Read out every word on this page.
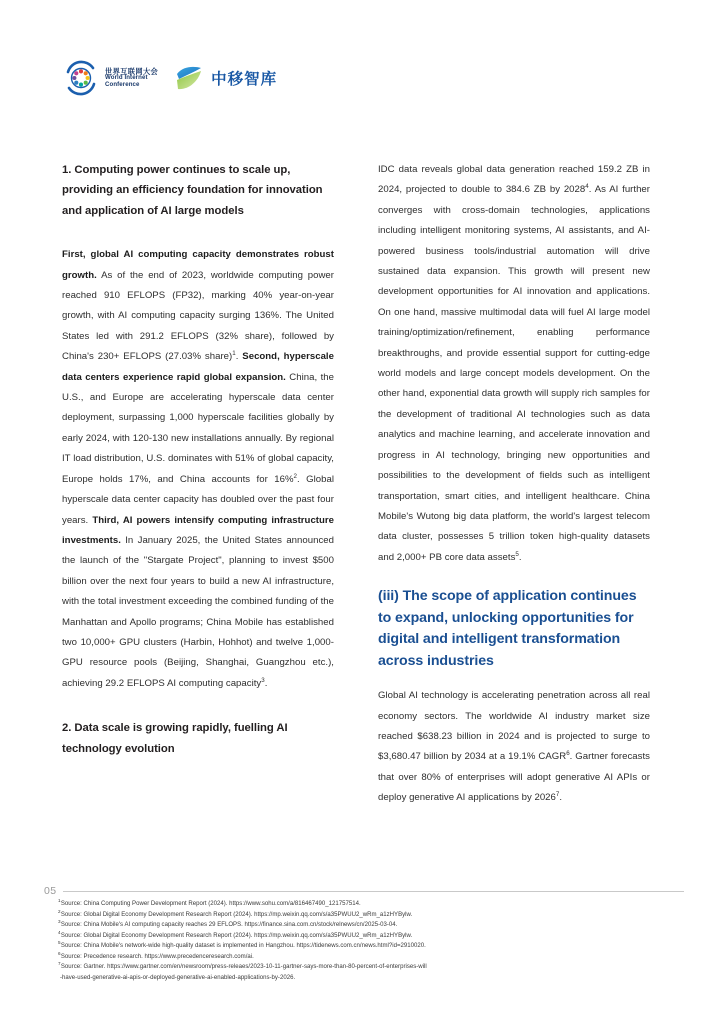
世界互联网大会
World Internet
Conference	中移智库
1. Computing power continues to scale up, providing an efficiency foundation for innovation and application of AI large models

First, global AI computing capacity demonstrates robust growth. As of the end of 2023, worldwide computing power reached 910 EFLOPS (FP32), marking 40% year-on-year growth, with AI computing capacity surging 136%. The United States led with 291.2 EFLOPS (32% share), followed by China's 230+ EFLOPS (27.03% share)$^1$. Second, hyperscale data centers experience rapid global expansion. China, the U.S., and Europe are accelerating hyperscale data center deployment, surpassing 1,000 hyperscale facilities globally by early 2024, with 120-130 new installations annually. By regional IT load distribution, U.S. dominates with 51% of global capacity, Europe holds 17%, and China accounts for 16%$^2$. Global hyperscale data center capacity has doubled over the past four years. Third, AI powers intensify computing infrastructure investments. In January 2025, the United States announced the launch of the "Stargate Project", planning to invest $500 billion over the next four years to build a new AI infrastructure, with the total investment exceeding the combined funding of the Manhattan and Apollo programs; China Mobile has established two 10,000+ GPU clusters (Harbin, Hohhot) and twelve 1,000-GPU resource pools (Beijing, Shanghai, Guangzhou etc.), achieving 29.2 EFLOPS AI computing capacity$^3$.

2. Data scale is growing rapidly, fuelling AI technology evolution

IDC data reveals global data generation reached 159.2 ZB in 2024, projected to double to 384.6 ZB by 2028$^4$. As AI further converges with cross-domain technologies, applications including intelligent monitoring systems, AI assistants, and AI-powered business tools/industrial automation will drive sustained data expansion. This growth will present new development opportunities for AI innovation and applications. On one hand, massive multimodal data will fuel AI large model training/optimization/refinement, enabling performance breakthroughs, and provide essential support for cutting-edge world models and large concept models development. On the other hand, exponential data growth will supply rich samples for the development of traditional AI technologies such as data analytics and machine learning, and accelerate innovation and progress in AI technology, bringing new opportunities and possibilities to the development of fields such as intelligent transportation, smart cities, and intelligent healthcare. China Mobile's Wutong big data platform, the world's largest telecom data cluster, possesses 5 trillion token high-quality datasets and 2,000+ PB core data assets$^5$.

(iii) The scope of application continues to expand, unlocking opportunities for digital and intelligent transformation across industries

Global AI technology is accelerating penetration across all real economy sectors. The worldwide AI industry market size reached $638.23 billion in 2024 and is projected to surge to $3,680.47 billion by 2034 at a 19.1% CAGR$^6$. Gartner forecasts that over 80% of enterprises will adopt generative AI APIs or deploy generative AI applications by 2026$^7$.

05
$^1$Source: China Computing Power Development Report (2024). https://www.sohu.com/a/816467490_121757514.
$^2$Source: Global Digital Economy Development Research Report (2024). https://mp.weixin.qq.com/s/a35PWUU2_wRm_a1zHYBylw.
$^3$Source: China Mobile's AI computing capacity reaches 29 EFLOPS. https://finance.sina.com.cn/stock/relnews/cn/2025-03-04.
$^4$Source: Global Digital Economy Development Research Report (2024). https://mp.weixin.qq.com/s/a35PWUU2_wRm_a1zHYBylw.
$^5$Source: China Mobile's network-wide high-quality dataset is implemented in Hangzhou. https://tidenews.com.cn/news.html?id=2910020.
$^6$Source: Precedence research. https://www.precedenceresearch.com/ai.
$^7$Source: Gartner. https://www.gartner.com/en/newsroom/press-releaes/2023-10-11-gartner-says-more-than-80-percent-of-enterprises-will
-have-used-generative-ai-apis-or-deployed-generative-ai-enabled-applications-by-2026.
